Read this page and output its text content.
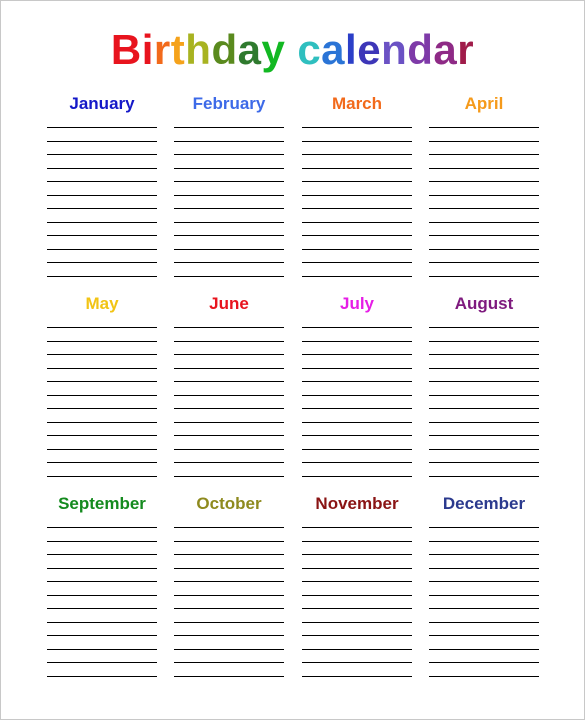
Birthday calendar
January	February	March	April
May	June	July	August
September	October	November	December
